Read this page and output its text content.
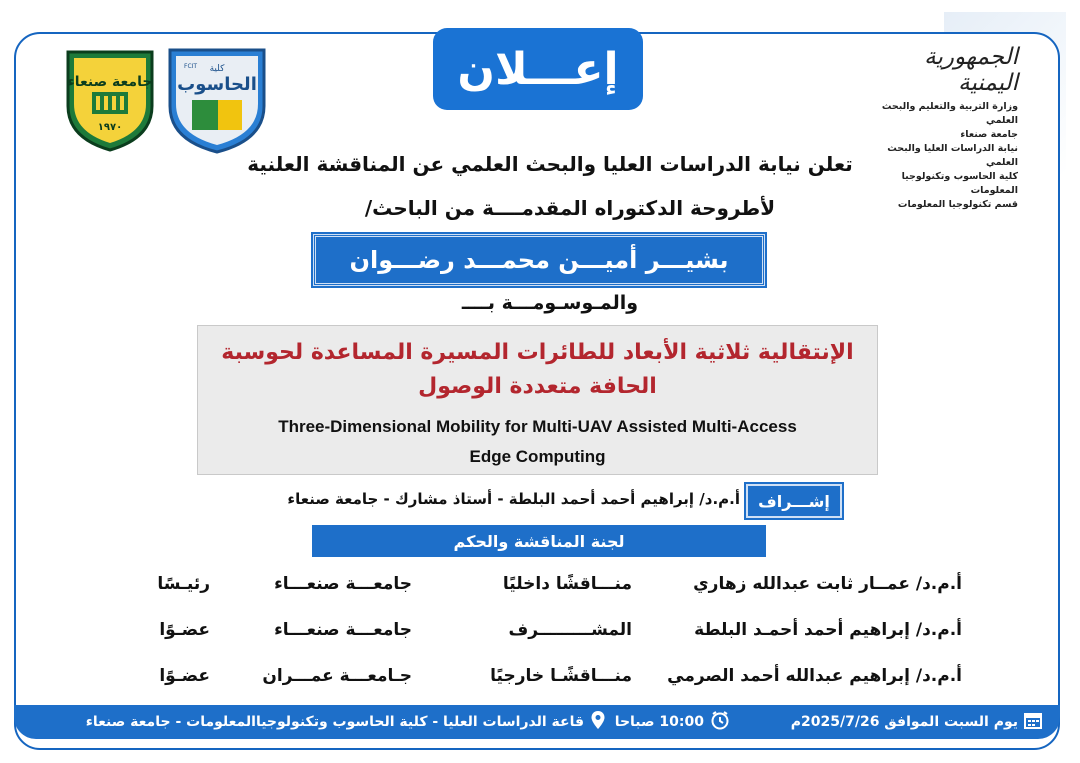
الجمهورية اليمنية
وزارة التربية والتعليم والبحث العلمي
جامعة صنعاء
نيابة الدراسات العليا والبحث العلمي
كلية الحاسوب وتكنولوجيا المعلومات
قسم تكنولوجيا المعلومات
إعـــلان
جامعة صنعاء
١٩٧٠
كلية
الحاسوب
FCIT
تعلن نيابة الدراسات العليا والبحث العلمي عن المناقشة العلنية
لأطروحة الدكتوراه المقدمــــة من الباحث/
بشيـــر أميـــن محمـــد رضـــوان
والمـوسـومـــة بــــ
الإنتقالية ثلاثية الأبعاد للطائرات المسيرة المساعدة لحوسبة
الحافة متعددة الوصول
Three-Dimensional Mobility for Multi-UAV Assisted Multi-Access
Edge Computing
إشـــراف
أ.م.د/ إبراهيم أحمد أحمد البلطة - أستاذ مشارك - جامعة صنعاء
لجنة المناقشة والحكم
أ.م.د/ عمــار ثابت عبدالله زهاري
منـــاقشًا داخليًا
جامعـــة صنعـــاء
رئيـسًا
أ.م.د/ إبراهيم أحمد أحمـد البلطة
المشـــــــــرف
جامعـــة صنعـــاء
عضـوًا
أ.م.د/ إبراهيم عبدالله أحمد الصرمي
منـــاقشًـا خارجيًا
جـامعـــة عمـــران
عضـوًا
يوم السبت الموافق 2025/7/26م
10:00 صباحا
قاعة الدراسات العليا - كلية الحاسوب وتكنولوجياالمعلومات - جامعة صنعاء
